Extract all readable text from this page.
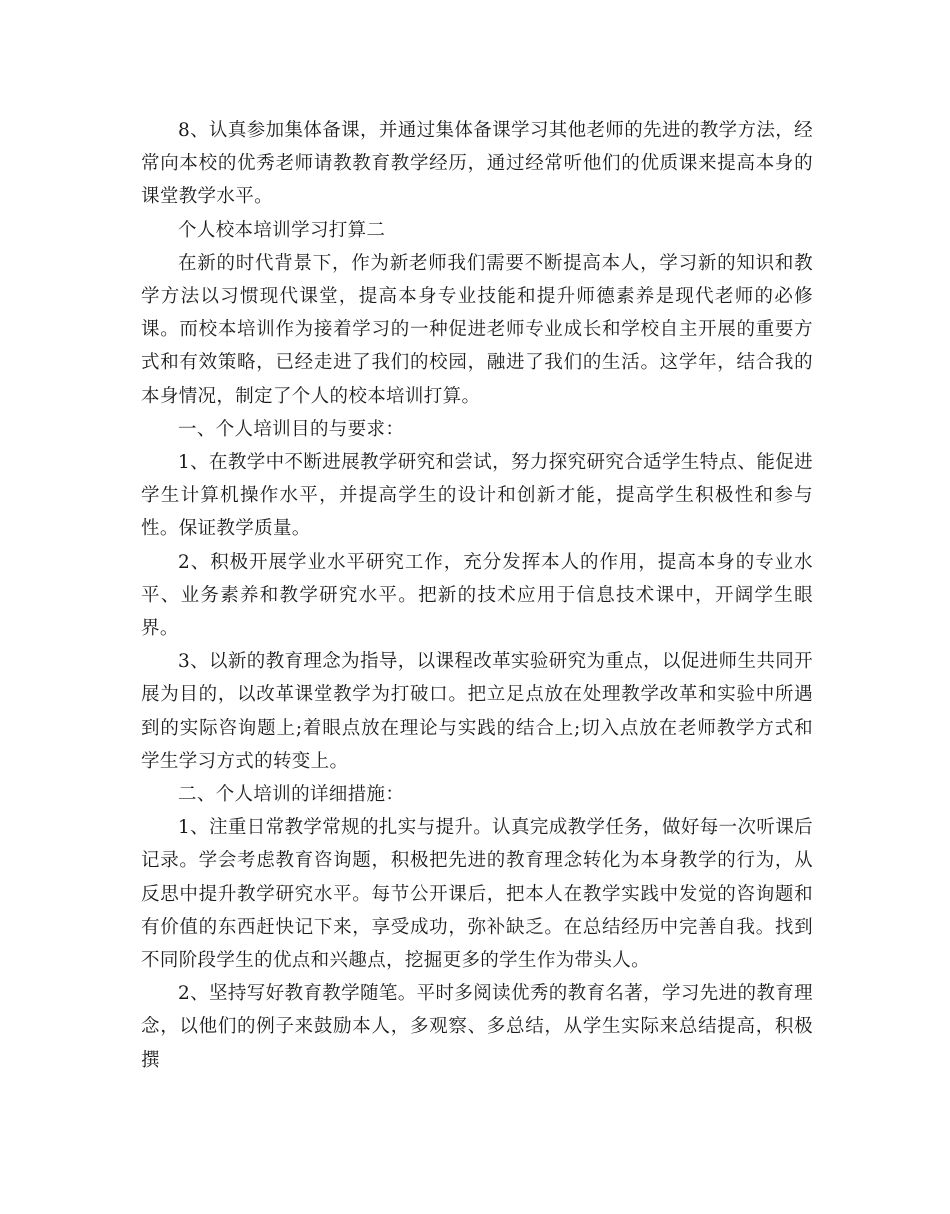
8、认真参加集体备课，并通过集体备课学习其他老师的先进的教学方法，经常向本校的优秀老师请教教育教学经历，通过经常听他们的优质课来提高本身的课堂教学水平。

个人校本培训学习打算二

在新的时代背景下，作为新老师我们需要不断提高本人，学习新的知识和教学方法以习惯现代课堂，提高本身专业技能和提升师德素养是现代老师的必修课。而校本培训作为接着学习的一种促进老师专业成长和学校自主开展的重要方式和有效策略，已经走进了我们的校园，融进了我们的生活。这学年，结合我的本身情况，制定了个人的校本培训打算。

一、个人培训目的与要求：

1、在教学中不断进展教学研究和尝试，努力探究研究合适学生特点、能促进学生计算机操作水平，并提高学生的设计和创新才能，提高学生积极性和参与性。保证教学质量。

2、积极开展学业水平研究工作，充分发挥本人的作用，提高本身的专业水平、业务素养和教学研究水平。把新的技术应用于信息技术课中，开阔学生眼界。

3、以新的教育理念为指导，以课程改革实验研究为重点，以促进师生共同开展为目的，以改革课堂教学为打破口。把立足点放在处理教学改革和实验中所遇到的实际咨询题上;着眼点放在理论与实践的结合上;切入点放在老师教学方式和学生学习方式的转变上。

二、个人培训的详细措施：

1、注重日常教学常规的扎实与提升。认真完成教学任务，做好每一次听课后记录。学会考虑教育咨询题，积极把先进的教育理念转化为本身教学的行为，从反思中提升教学研究水平。每节公开课后，把本人在教学实践中发觉的咨询题和有价值的东西赶快记下来，享受成功，弥补缺乏。在总结经历中完善自我。找到不同阶段学生的优点和兴趣点，挖掘更多的学生作为带头人。

2、坚持写好教育教学随笔。平时多阅读优秀的教育名著，学习先进的教育理念，以他们的例子来鼓励本人，多观察、多总结，从学生实际来总结提高，积极撰
